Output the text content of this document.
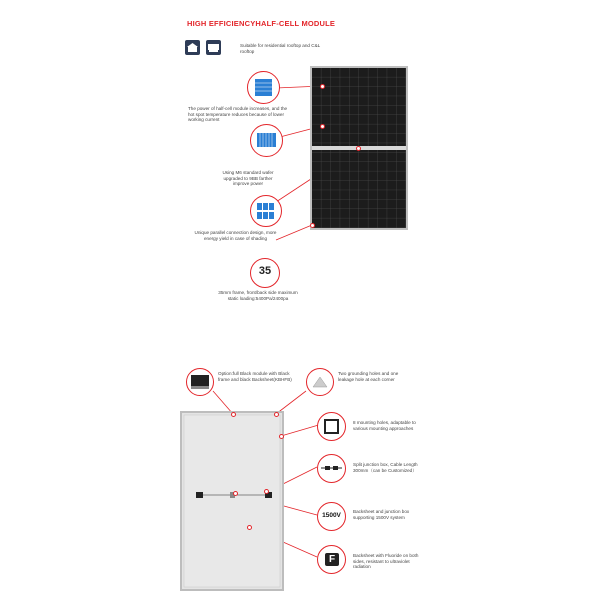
HIGH EFFICIENCYHALF-CELL MODULE
Suitable for residential rooftop and C&L rooftop
The power of half-cell module increases, and the hot spot temperature reduces because of lower working current
Using M6 standard wafer upgraded to 9BB farther improve power
Unique parallel connection design, more energy yield in case of shading
35
35mm frame, front/back side maximum static loading:5400Pa/2400pa
Option:full Black module with Black frame and black Backsheet(KBHFB)
Two grounding holes and one leakage hole at each corner
8 mounting holes, adaptable to various mounting approaches
Split junction box, Cable Length 300mm（can be Customized）
1500V
Backsheet and junction box supporting 1500V system
F	Backsheet with Fluoride on both sides, resistant to ultraviolet radiation
